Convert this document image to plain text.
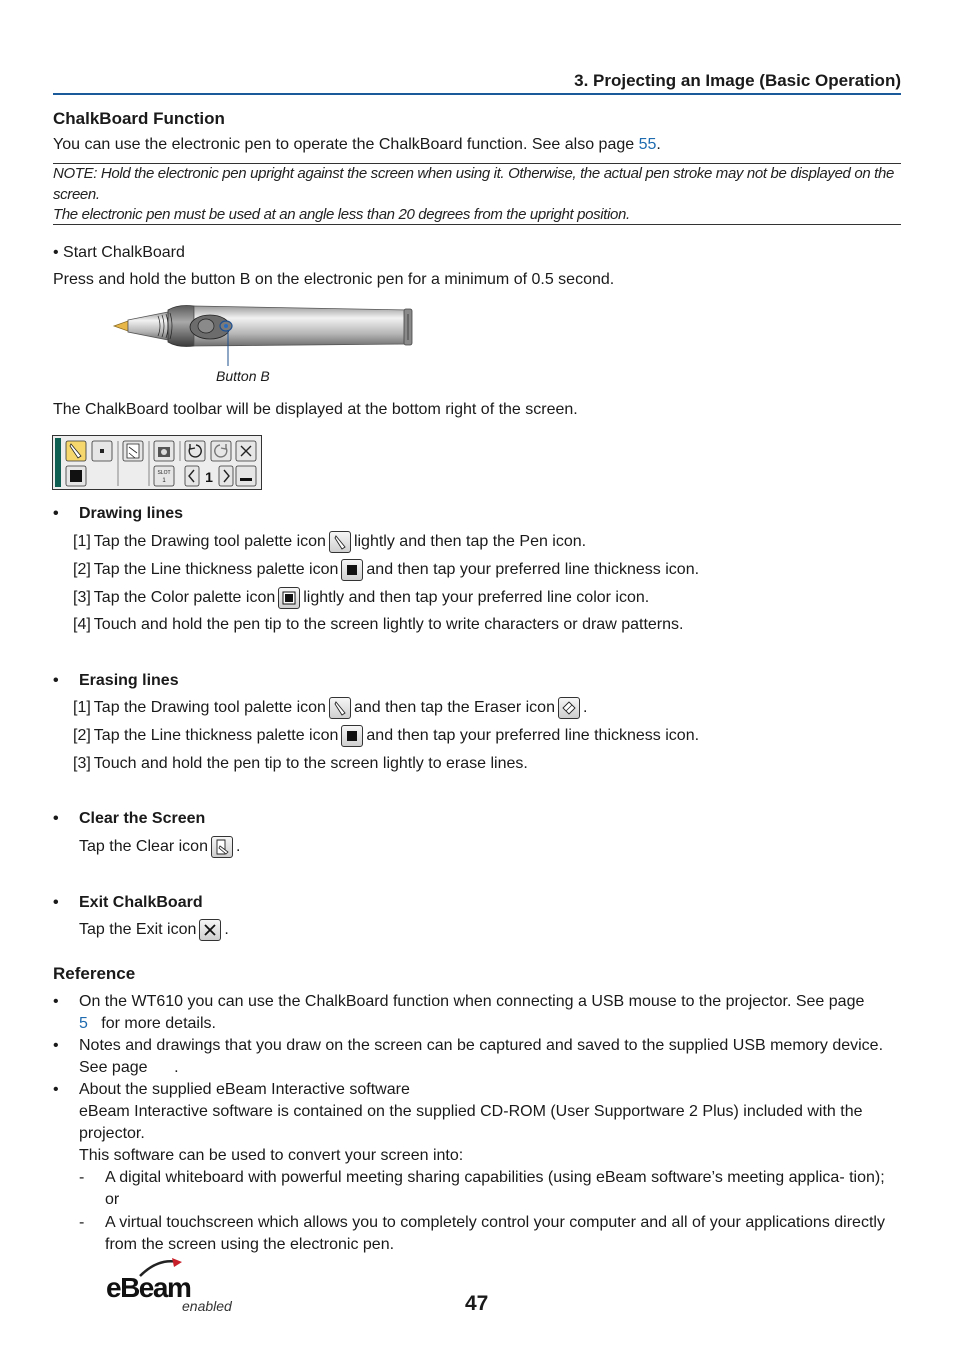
3. Projecting an Image (Basic Operation)
ChalkBoard Function
You can use the electronic pen to operate the ChalkBoard function. See also page 55.

NOTE: Hold the electronic pen upright against the screen when using it. Otherwise, the actual pen stroke may not be displayed on the screen.

The electronic pen must be used at an angle less than 20 degrees from the upright position.

• Start ChalkBoard
Press and hold the button B on the electronic pen for a minimum of 0.5 second.
Button B
The ChalkBoard toolbar will be displayed at the bottom right of the screen.
SLOT
1	1
• Drawing lines
[1] Tap the Drawing tool palette icon lightly and then tap the Pen icon.
[2] Tap the Line thickness palette icon and then tap your preferred line thickness icon.
[3] Tap the Color palette icon lightly and then tap your preferred line color icon.
[4] Touch and hold the pen tip to the screen lightly to write characters or draw patterns.
• Erasing lines
[1] Tap the Drawing tool palette icon and then tap the Eraser icon .
[2] Tap the Line thickness palette icon and then tap your preferred line thickness icon.
[3] Touch and hold the pen tip to the screen lightly to erase lines.
• Clear the Screen
Tap the Clear icon .
• Exit ChalkBoard
Tap the Exit icon .
Reference
• On the WT610 you can use the ChalkBoard function when connecting a USB mouse to the projector. See page
5 for more details.
• Notes and drawings that you draw on the screen can be captured and saved to the supplied USB memory device. See page      .
• About the supplied eBeam Interactive software
eBeam Interactive software is contained on the supplied CD-ROM (User Supportware 2 Plus) included with the projector.
This software can be used to convert your screen into:
- A digital whiteboard with powerful meeting sharing capabilities (using eBeam software’s meeting applica- tion); or
- A virtual touchscreen which allows you to completely control your computer and all of your applications directly from the screen using the electronic pen.
eBeam
enabled	47
